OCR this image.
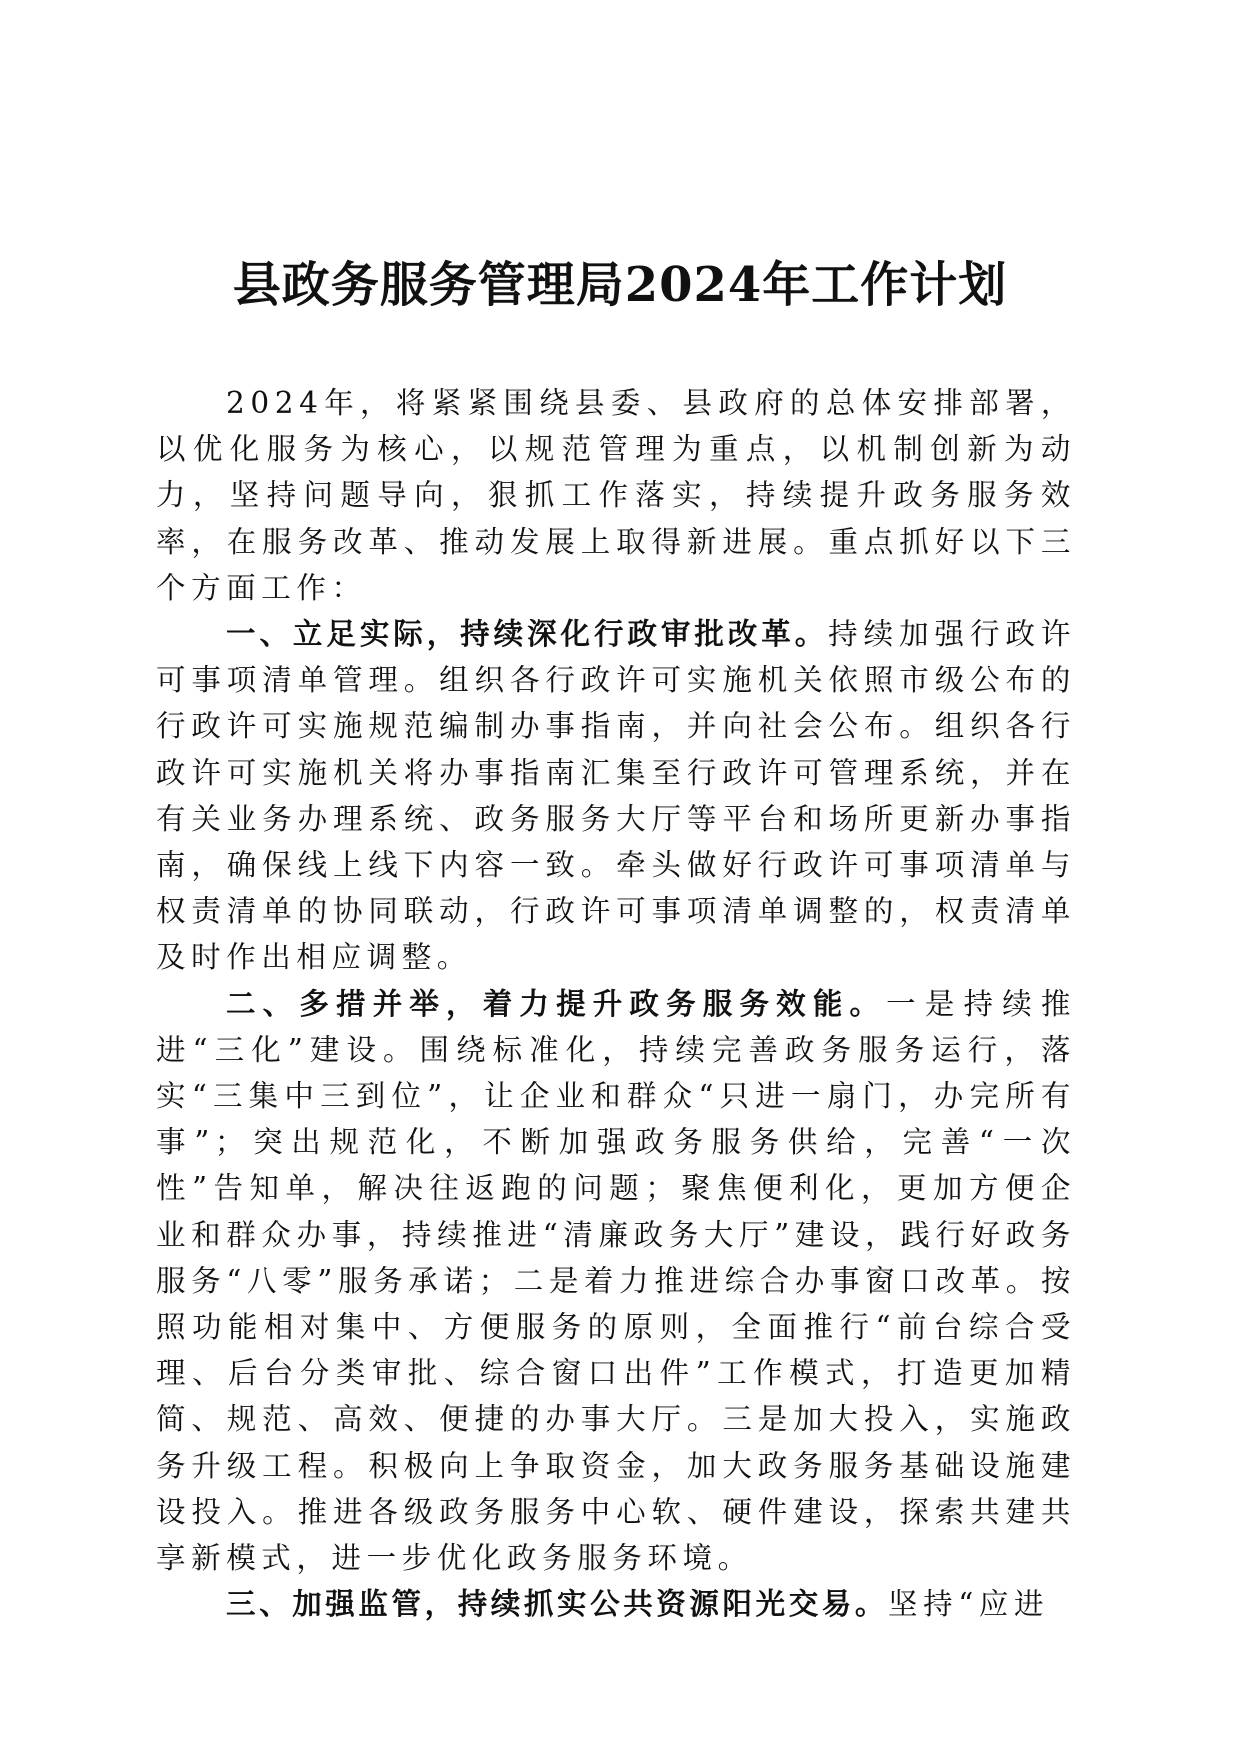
县政务服务管理局2024年工作计划

2024年，将紧紧围绕县委、县政府的总体安排部署，以优化服务为核心，以规范管理为重点，以机制创新为动力，坚持问题导向，狠抓工作落实，持续提升政务服务效率，在服务改革、推动发展上取得新进展。重点抓好以下三个方面工作：

一、立足实际，持续深化行政审批改革。持续加强行政许可事项清单管理。组织各行政许可实施机关依照市级公布的行政许可实施规范编制办事指南，并向社会公布。组织各行政许可实施机关将办事指南汇集至行政许可管理系统，并在有关业务办理系统、政务服务大厅等平台和场所更新办事指南，确保线上线下内容一致。牵头做好行政许可事项清单与权责清单的协同联动，行政许可事项清单调整的，权责清单及时作出相应调整。

二、多措并举，着力提升政务服务效能。一是持续推进“三化”建设。围绕标准化，持续完善政务服务运行，落实“三集中三到位”，让企业和群众“只进一扇门，办完所有事”；突出规范化，不断加强政务服务供给，完善“一次性”告知单，解决往返跑的问题；聚焦便利化，更加方便企业和群众办事，持续推进“清廉政务大厅”建设，践行好政务服务“八零”服务承诺；二是着力推进综合办事窗口改革。按照功能相对集中、方便服务的原则，全面推行“前台综合受理、后台分类审批、综合窗口出件”工作模式，打造更加精简、规范、高效、便捷的办事大厅。三是加大投入，实施政务升级工程。积极向上争取资金，加大政务服务基础设施建设投入。推进各级政务服务中心软、硬件建设，探索共建共享新模式，进一步优化政务服务环境。

三、加强监管，持续抓实公共资源阳光交易。坚持“应进
